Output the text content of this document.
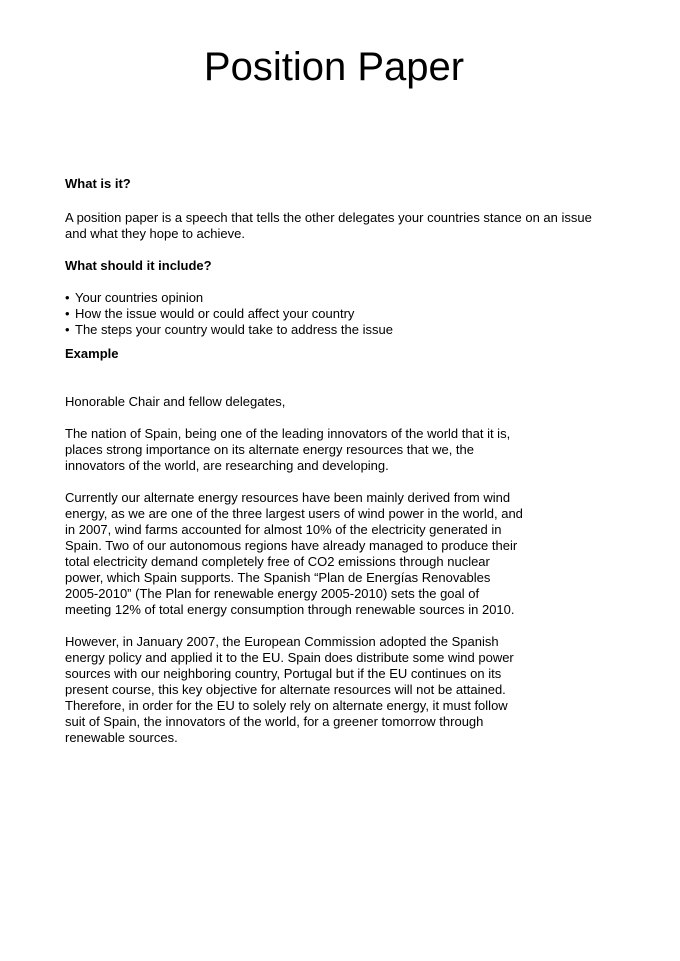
Position Paper

What is it?

A position paper is a speech that tells the other delegates your countries stance on an issue and what they hope to achieve.

What should it include?

• Your countries opinion
• How the issue would or could affect your country
• The steps your country would take to address the issue

Example

Honorable Chair and fellow delegates,

The nation of Spain, being one of the leading innovators of the world that it is, places strong importance on its alternate energy resources that we, the innovators of the world, are researching and developing.

Currently our alternate energy resources have been mainly derived from wind energy, as we are one of the three largest users of wind power in the world, and in 2007, wind farms accounted for almost 10% of the electricity generated in Spain. Two of our autonomous regions have already managed to produce their total electricity demand completely free of CO2 emissions through nuclear power, which Spain supports. The Spanish “Plan de Energías Renovables 2005-2010” (The Plan for renewable energy 2005-2010) sets the goal of meeting 12% of total energy consumption through renewable sources in 2010.

However, in January 2007, the European Commission adopted the Spanish energy policy and applied it to the EU. Spain does distribute some wind power sources with our neighboring country, Portugal but if the EU continues on its present course, this key objective for alternate resources will not be attained. Therefore, in order for the EU to solely rely on alternate energy, it must follow suit of Spain, the innovators of the world, for a greener tomorrow through renewable sources.
